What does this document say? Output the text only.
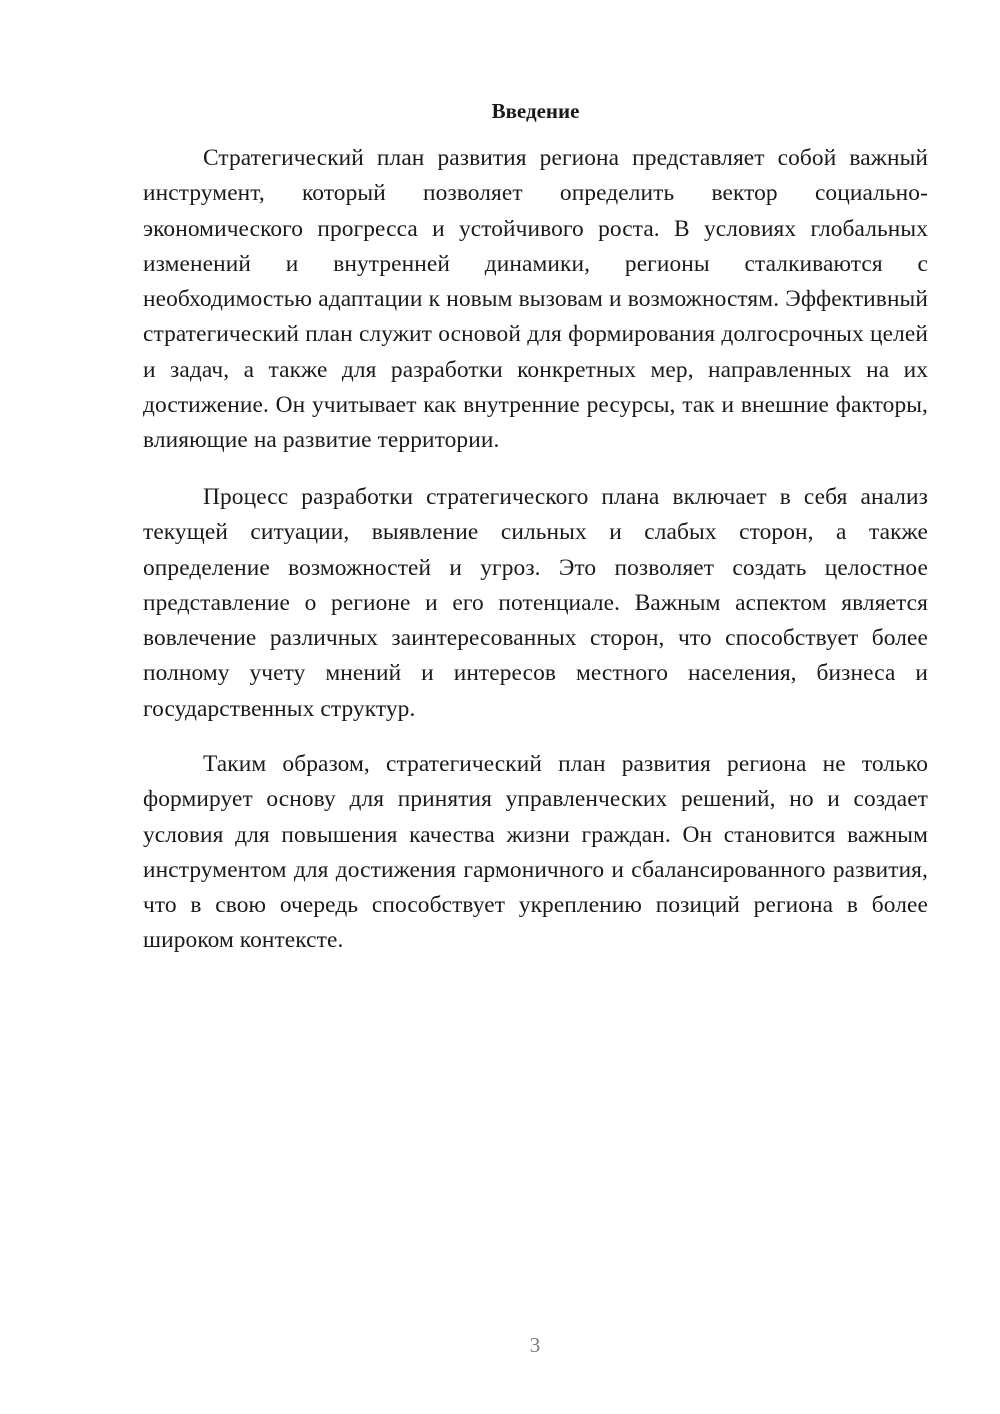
Введение

Стратегический план развития региона представляет собой важный инструмент, который позволяет определить вектор социально-экономического прогресса и устойчивого роста. В условиях глобальных изменений и внутренней динамики, регионы сталкиваются с необходимостью адаптации к новым вызовам и возможностям. Эффективный стратегический план служит основой для формирования долгосрочных целей и задач, а также для разработки конкретных мер, направленных на их достижение. Он учитывает как внутренние ресурсы, так и внешние факторы, влияющие на развитие территории.

Процесс разработки стратегического плана включает в себя анализ текущей ситуации, выявление сильных и слабых сторон, а также определение возможностей и угроз. Это позволяет создать целостное представление о регионе и его потенциале. Важным аспектом является вовлечение различных заинтересованных сторон, что способствует более полному учету мнений и интересов местного населения, бизнеса и государственных структур.

Таким образом, стратегический план развития региона не только формирует основу для принятия управленческих решений, но и создает условия для повышения качества жизни граждан. Он становится важным инструментом для достижения гармоничного и сбалансированного развития, что в свою очередь способствует укреплению позиций региона в более широком контексте.

3
